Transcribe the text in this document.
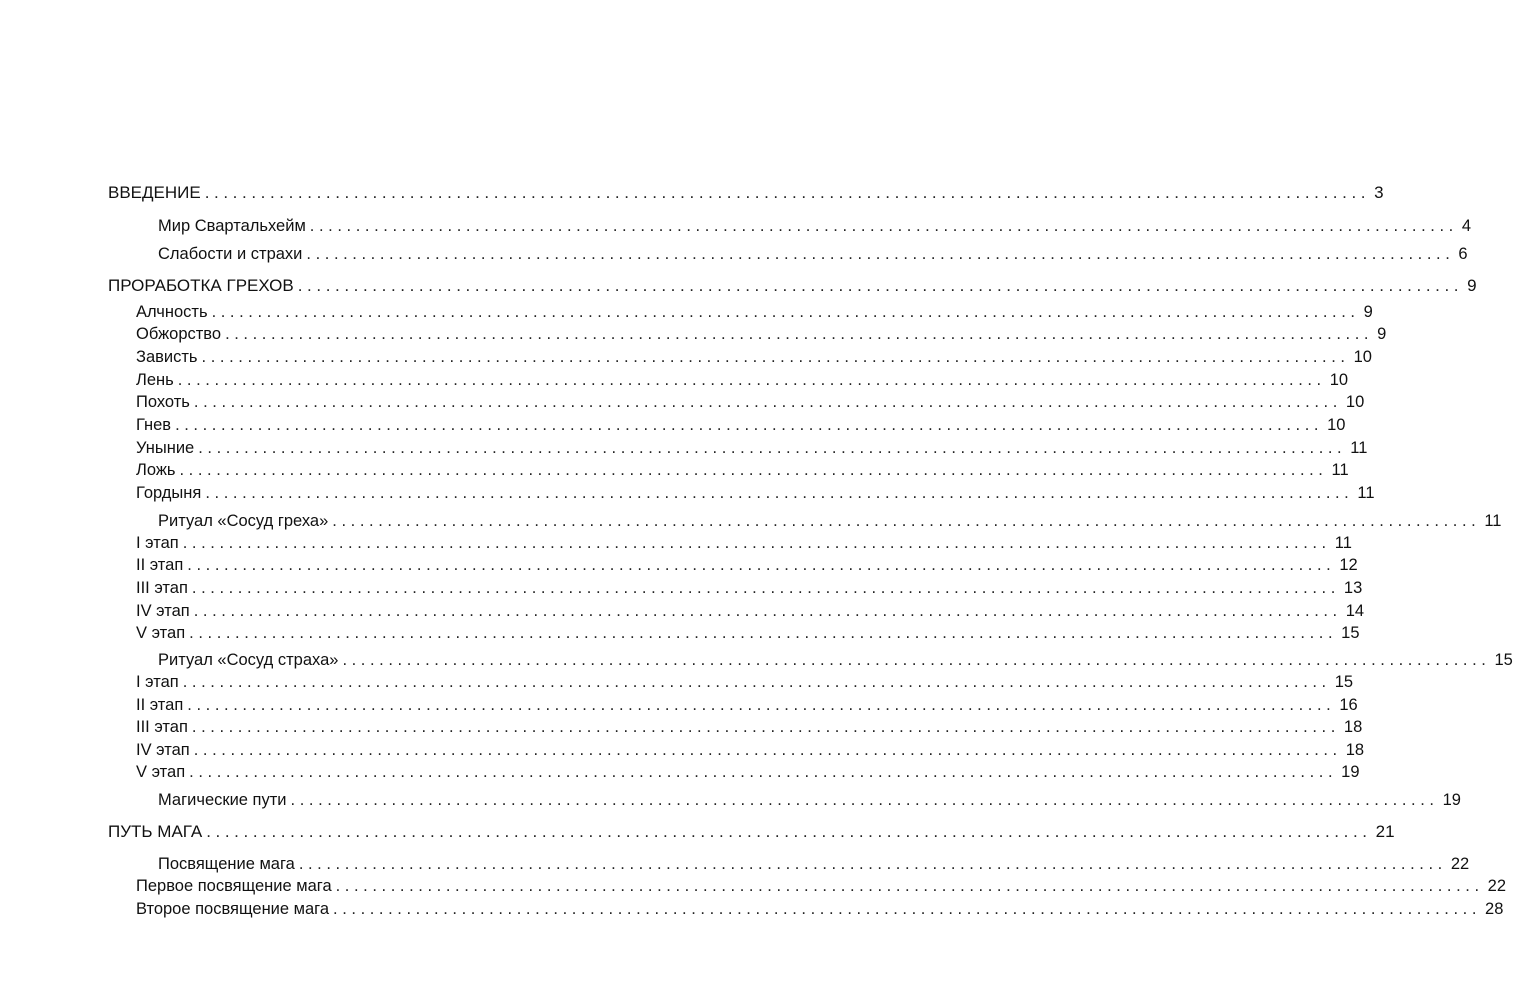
ВВЕДЕНИЕ ............................................................................................................................. 3
Мир Свартальхейм ............................................................................................................................. 4
Слабости и страхи ............................................................................................................................. 6
ПРОРАБОТКА ГРЕХОВ ............................................................................................................................. 9
Алчность ............................................................................................................................. 9
Обжорство ............................................................................................................................. 9
Зависть ............................................................................................................................. 10
Лень ............................................................................................................................. 10
Похоть ............................................................................................................................. 10
Гнев ............................................................................................................................. 10
Уныние ............................................................................................................................. 11
Ложь ............................................................................................................................. 11
Гордыня ............................................................................................................................. 11
Ритуал «Сосуд греха» ............................................................................................................................. 11
I этап ............................................................................................................................. 11
II этап ............................................................................................................................. 12
III этап ............................................................................................................................. 13
IV этап ............................................................................................................................. 14
V этап ............................................................................................................................. 15
Ритуал «Сосуд страха» ............................................................................................................................. 15
I этап ............................................................................................................................. 15
II этап ............................................................................................................................. 16
III этап ............................................................................................................................. 18
IV этап ............................................................................................................................. 18
V этап ............................................................................................................................. 19
Магические пути ............................................................................................................................. 19
ПУТЬ МАГА ............................................................................................................................. 21
Посвящение мага ............................................................................................................................. 22
Первое посвящение мага ............................................................................................................................. 22
Второе посвящение мага ............................................................................................................................. 28
